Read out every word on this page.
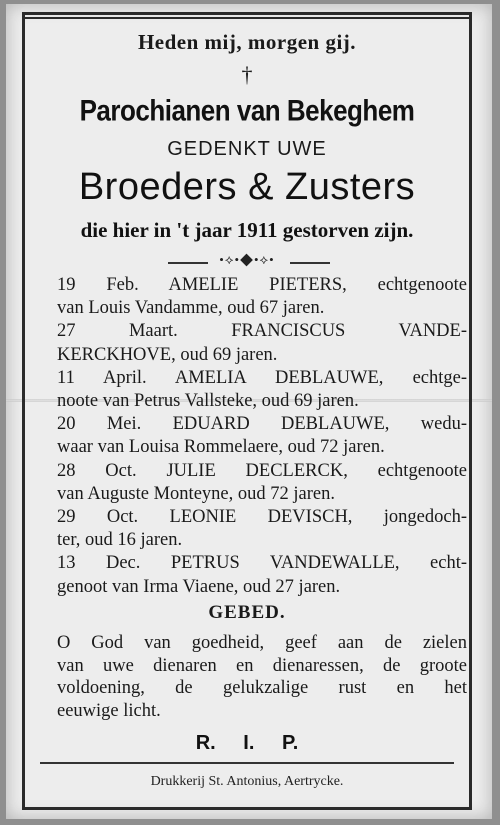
Heden mij, morgen gij.
†
Parochianen van Bekeghem
GEDENKT UWE
Broeders & Zusters
die hier in 't jaar 1911 gestorven zijn.
•⟡•◆•⟡•
19 Feb. AMELIE PIETERS, echtgenoote
van Louis Vandamme, oud 67 jaren.
27 Maart. FRANCISCUS VANDE-
KERCKHOVE, oud 69 jaren.
11 April. AMELIA DEBLAUWE, echtge-
noote van Petrus Vallsteke, oud 69 jaren.
20 Mei. EDUARD DEBLAUWE, wedu-
waar van Louisa Rommelaere, oud 72 jaren.
28 Oct. JULIE DECLERCK, echtgenoote
van Auguste Monteyne, oud 72 jaren.
29 Oct. LEONIE DEVISCH, jongedoch-
ter, oud 16 jaren.
13 Dec. PETRUS VANDEWALLE, echt-
genoot van Irma Viaene, oud 27 jaren.
GEBED.
O God van goedheid, geef aan de zielen
van uwe dienaren en dienaressen, de groote
voldoening, de gelukzalige rust en het
eeuwige licht.
R. I. P.
Drukkerij St. Antonius, Aertrycke.
